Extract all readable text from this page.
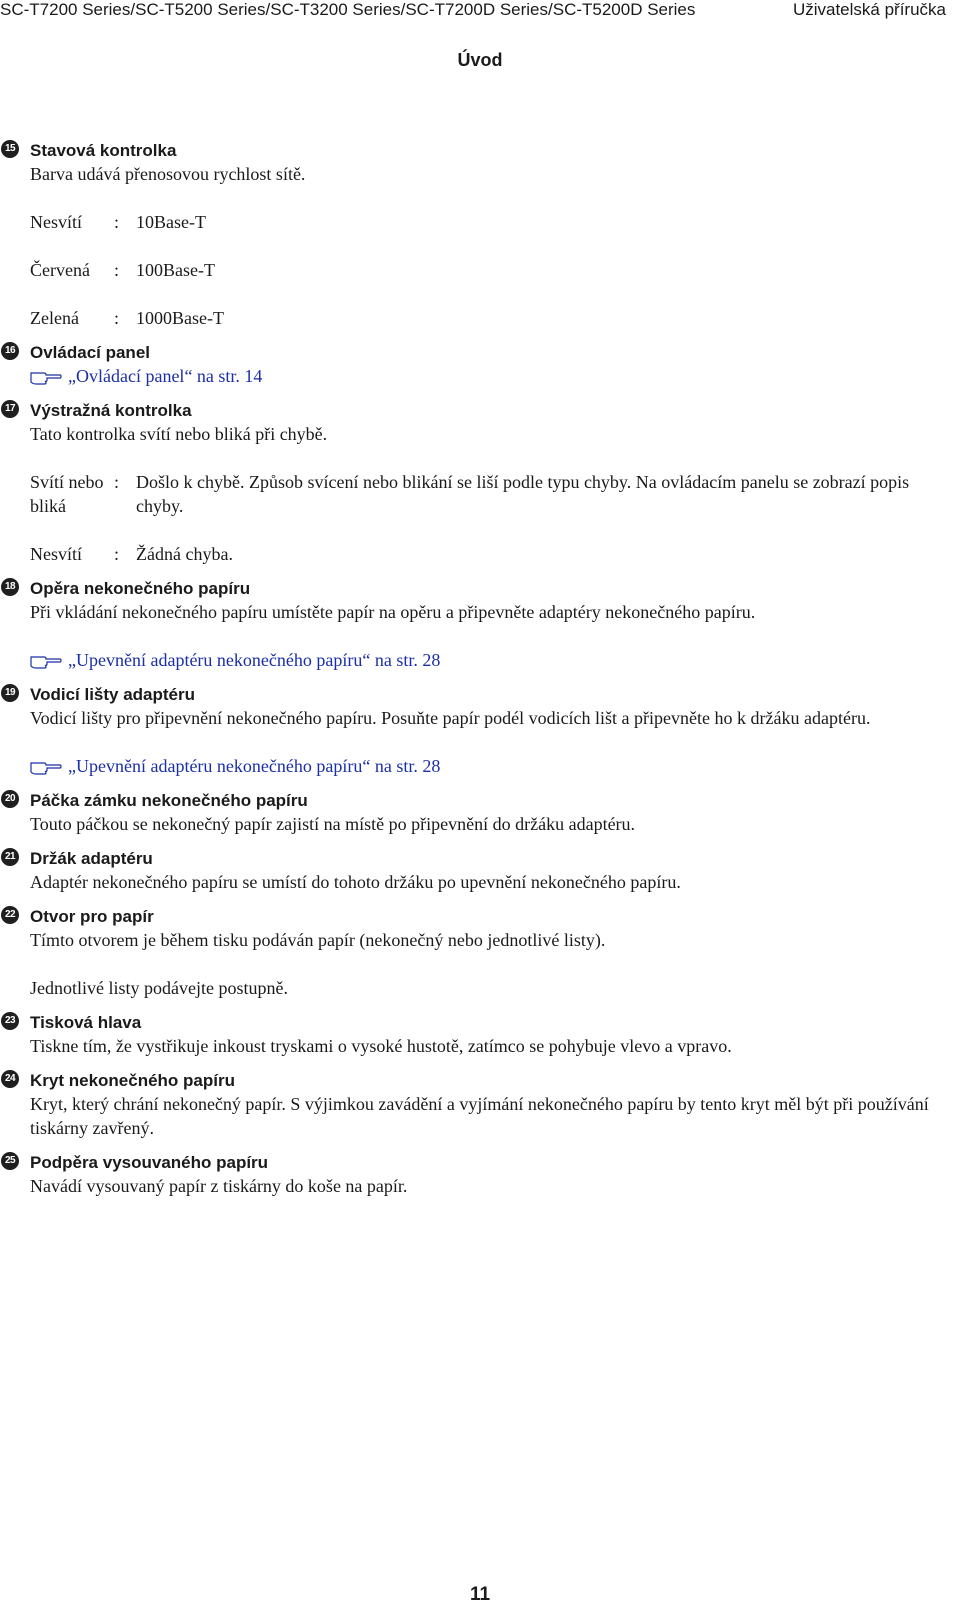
SC-T7200 Series/SC-T5200 Series/SC-T3200 Series/SC-T7200D Series/SC-T5200D Series	Uživatelská příručka
Úvod
15 Stavová kontrolka
Barva udává přenosovou rychlost sítě.
Nesvítí	: 10Base-T
Červená	: 100Base-T
Zelená	: 1000Base-T
16 Ovládací panel
„Ovládací panel“ na str. 14
17 Výstražná kontrolka
Tato kontrolka svítí nebo bliká při chybě.
Svítí nebo bliká
: Došlo k chybě. Způsob svícení nebo blikání se liší podle typu chyby. Na ovládacím panelu se zobrazí popis chyby.
Nesvítí	: Žádná chyba.
18 Opěra nekonečného papíru
Při vkládání nekonečného papíru umístěte papír na opěru a připevněte adaptéry nekonečného papíru.
„Upevnění adaptéru nekonečného papíru“ na str. 28
19 Vodicí lišty adaptéru
Vodicí lišty pro připevnění nekonečného papíru. Posuňte papír podél vodicích lišt a připevněte ho k držáku adaptéru.
„Upevnění adaptéru nekonečného papíru“ na str. 28
20 Páčka zámku nekonečného papíru
Touto páčkou se nekonečný papír zajistí na místě po připevnění do držáku adaptéru.
21 Držák adaptéru
Adaptér nekonečného papíru se umístí do tohoto držáku po upevnění nekonečného papíru.
22 Otvor pro papír
Tímto otvorem je během tisku podáván papír (nekonečný nebo jednotlivé listy).
Jednotlivé listy podávejte postupně.
23 Tisková hlava
Tiskne tím, že vystřikuje inkoust tryskami o vysoké hustotě, zatímco se pohybuje vlevo a vpravo.
24 Kryt nekonečného papíru
Kryt, který chrání nekonečný papír. S výjimkou zavádění a vyjímání nekonečného papíru by tento kryt měl být při používání tiskárny zavřený.
25 Podpěra vysouvaného papíru
Navádí vysouvaný papír z tiskárny do koše na papír.
11
